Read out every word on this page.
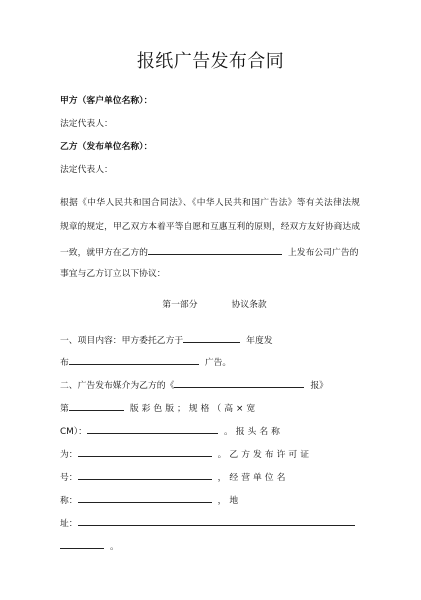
报纸广告发布合同
甲方（客户单位名称）：
法定代表人：
乙方（发布单位名称）：
法定代表人：
根据《中华人民共和国合同法》、《中华人民共和国广告法》等有关法律法规
规章的规定，甲乙双方本着平等自愿和互惠互利的原则，经双方友好协商达成
一致，就甲方在乙方的	上发布公司广告的
事宜与乙方订立以下协议：
第一部分	协议条款
一、项目内容：甲方委托乙方于	年度发
布	广告。
二、广告发布媒介为乙方的《	报》
第	版彩色版；规格（高×宽
CM）：	。报头名称
为：	。乙方发布许可证
号：	，经营单位名
称：	，地
址：
。
